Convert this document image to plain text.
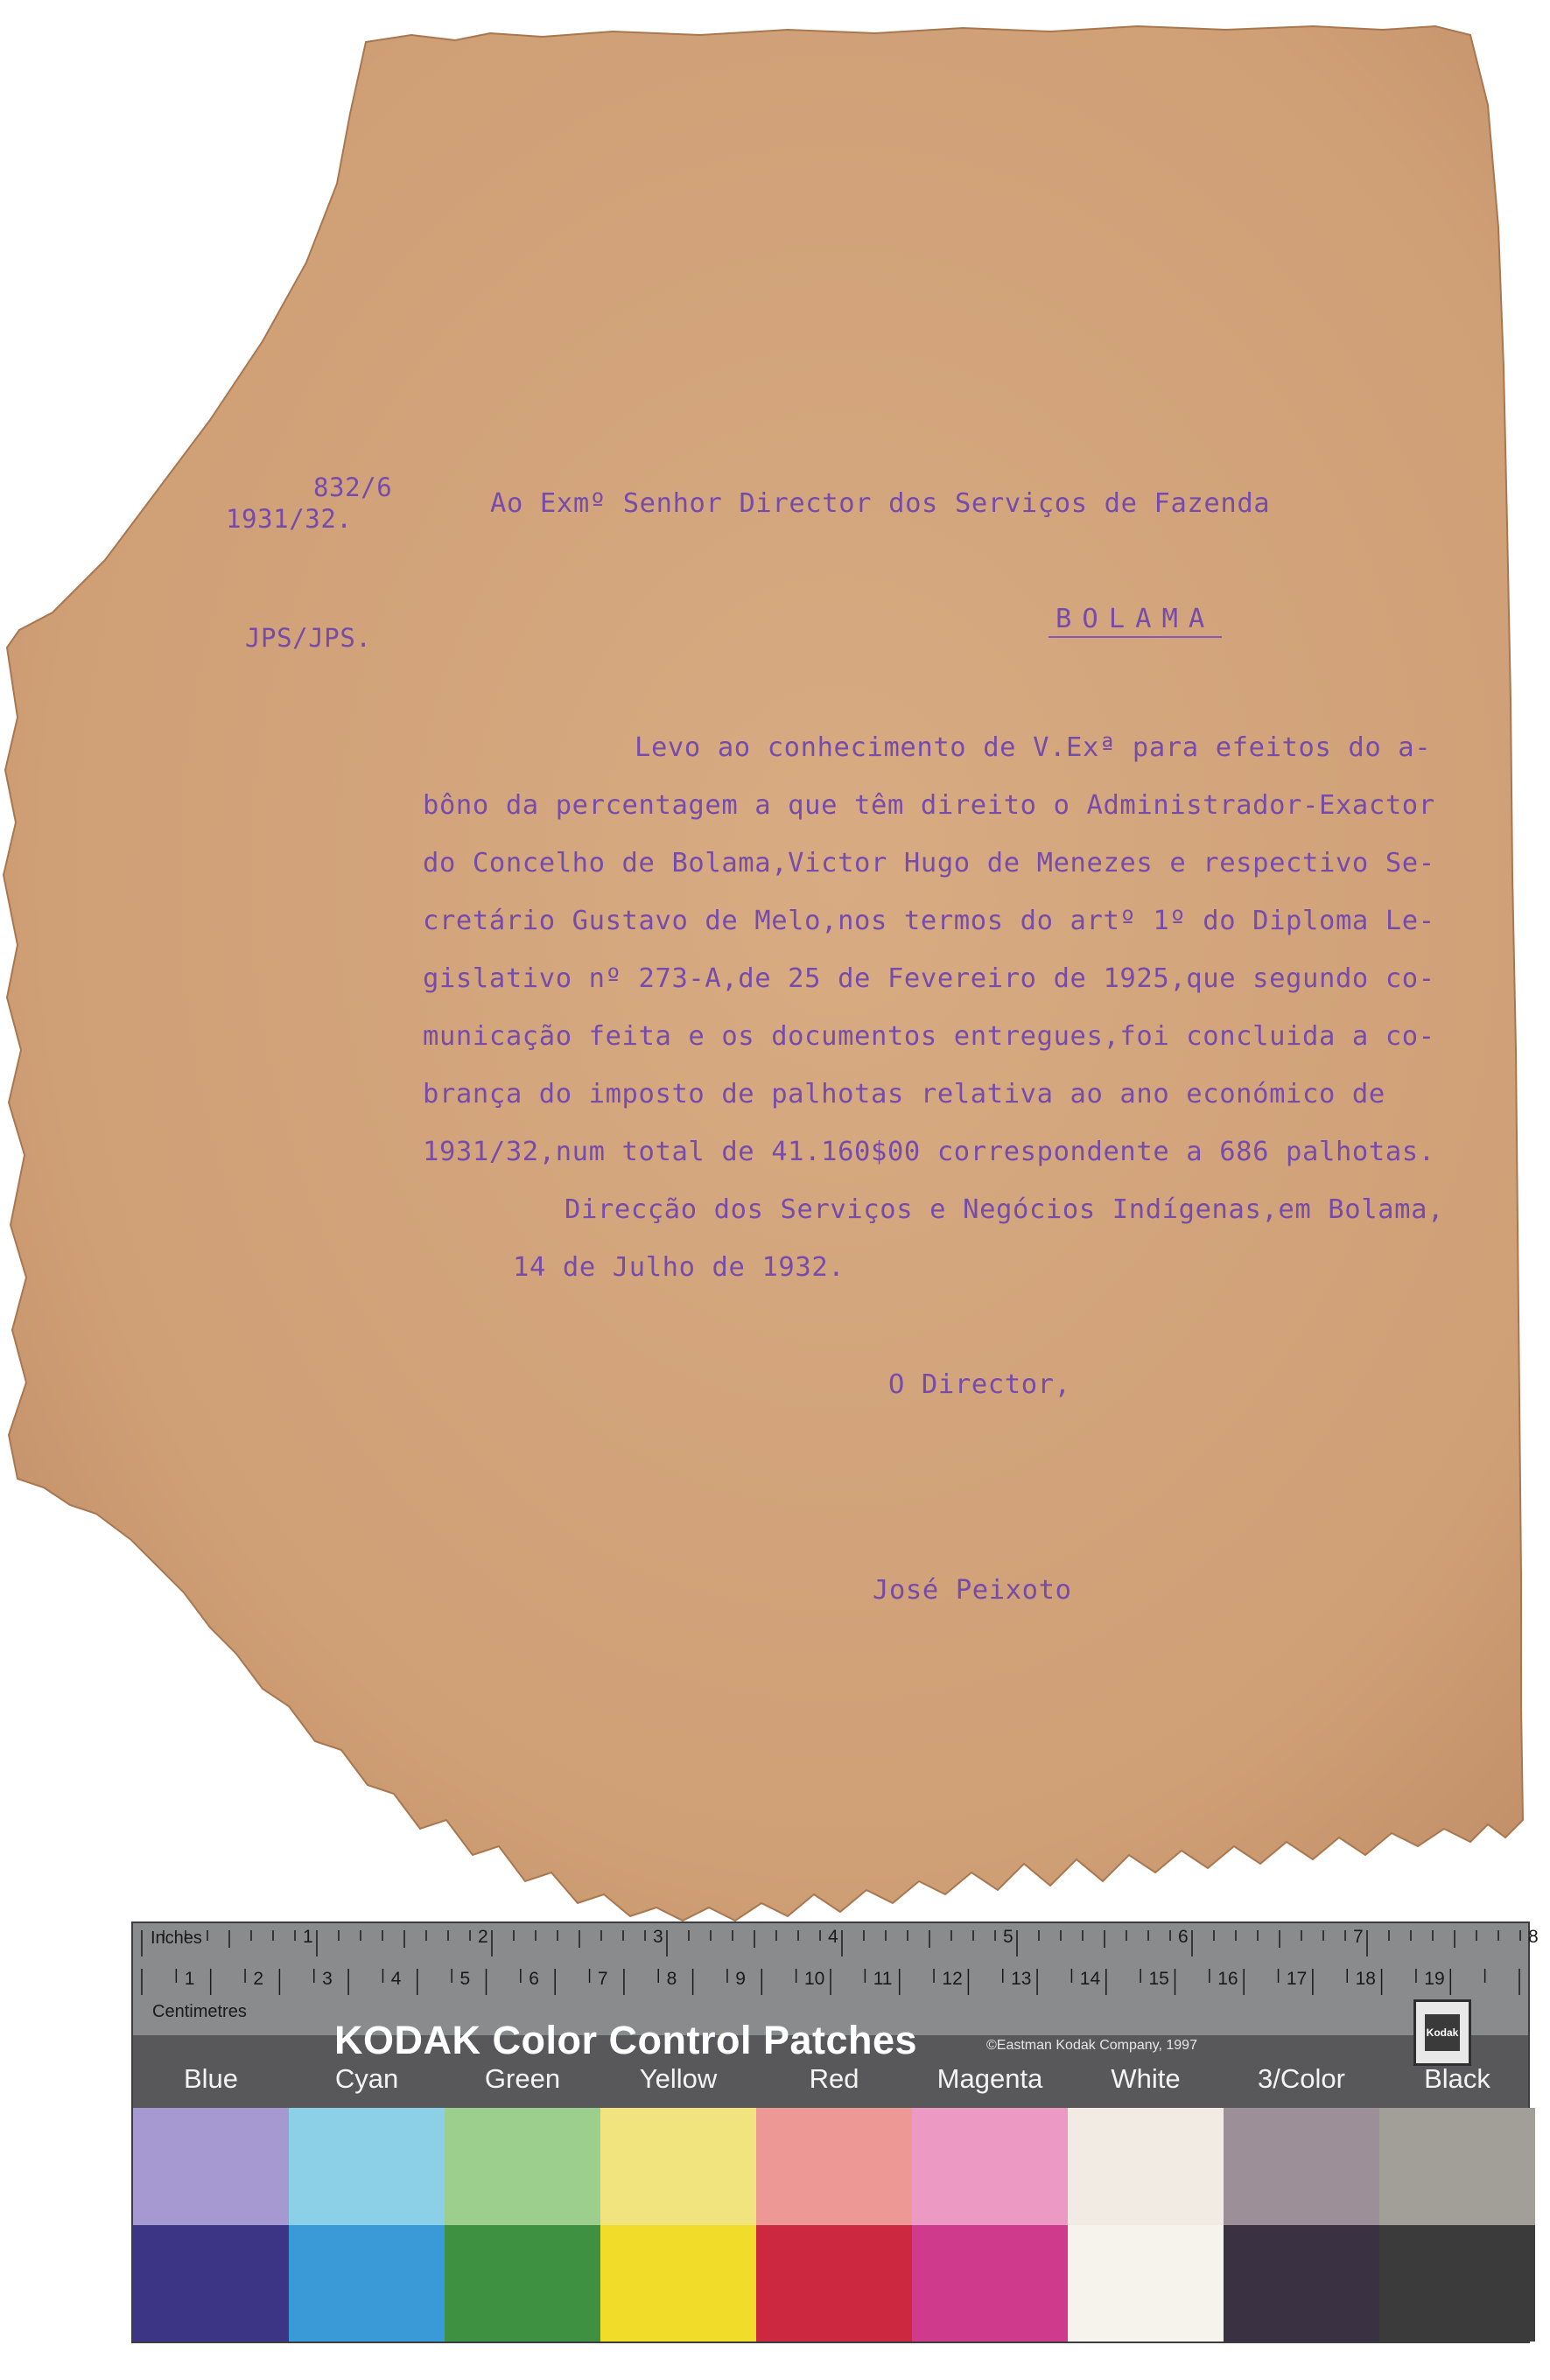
832/6

1931/32.	Ao Exmº Senhor Director dos Serviços de Fazenda

JPS/JPS.

BOLAMA

Levo ao conhecimento de V.Exª para efeitos do a-

bôno da percentagem a que têm direito o Administrador-Exactor

do Concelho de Bolama,Victor Hugo de Menezes e respectivo Se-

cretário Gustavo de Melo,nos termos do artº 1º do Diploma Le-

gislativo nº 273-A,de 25 de Fevereiro de 1925,que segundo co-

municação feita e os documentos entregues,foi concluida a co-

brança do imposto de palhotas relativa ao ano económico de

1931/32,num total de 41.160$00 correspondente a 686 palhotas.

Direcção dos Serviços e Negócios Indígenas,em Bolama,

14 de Julho de 1932.

O Director,

José Peixoto

Inches
Centimetres
1	2	3	4	5	6	7	8
1	2	3	4	5	6	7	8	9	10	11	12	13	14	15	16	17	18	19
KODAK Color Control Patches	©Eastman Kodak Company, 1997
Kodak
Blue	Cyan	Green	Yellow	Red	Magenta	White	3/Color	Black
